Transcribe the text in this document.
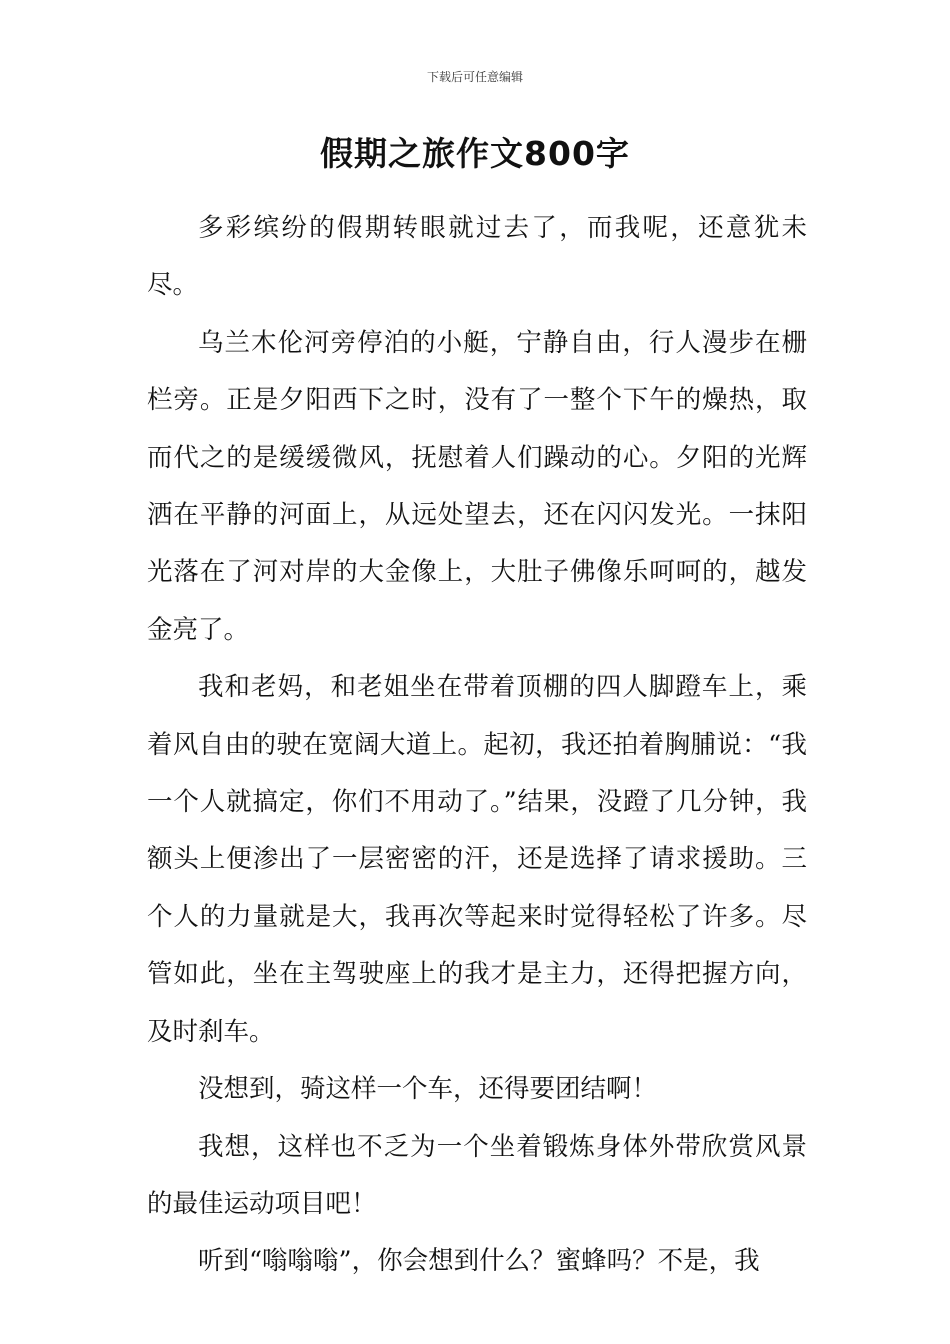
下载后可任意编辑
假期之旅作文800字

多彩缤纷的假期转眼就过去了，而我呢，还意犹未尽。

乌兰木伦河旁停泊的小艇，宁静自由，行人漫步在栅栏旁。正是夕阳西下之时，没有了一整个下午的燥热，取而代之的是缓缓微风，抚慰着人们躁动的心。夕阳的光辉洒在平静的河面上，从远处望去，还在闪闪发光。一抹阳光落在了河对岸的大金像上，大肚子佛像乐呵呵的，越发金亮了。

我和老妈，和老姐坐在带着顶棚的四人脚蹬车上，乘着风自由的驶在宽阔大道上。起初，我还拍着胸脯说：“我一个人就搞定，你们不用动了。”结果，没蹬了几分钟，我额头上便渗出了一层密密的汗，还是选择了请求援助。三个人的力量就是大，我再次等起来时觉得轻松了许多。尽管如此，坐在主驾驶座上的我才是主力，还得把握方向，及时刹车。

没想到，骑这样一个车，还得要团结啊！

我想，这样也不乏为一个坐着锻炼身体外带欣赏风景的最佳运动项目吧！

听到“嗡嗡嗡”，你会想到什么？蜜蜂吗？不是，我
